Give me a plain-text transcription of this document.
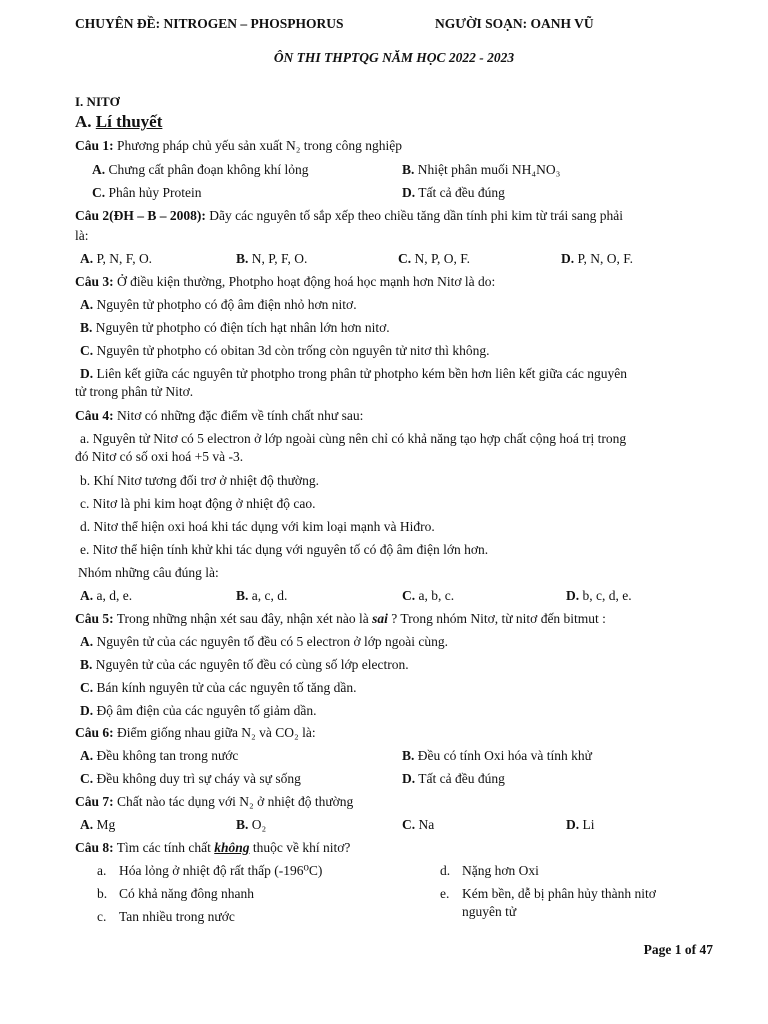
CHUYÊN ĐỀ: NITROGEN – PHOSPHORUS	NGƯỜI SOẠN: OANH VŨ
ÔN THI THPTQG NĂM HỌC 2022 - 2023
I. NITƠ
A. Lí thuyết
Câu 1: Phương pháp chủ yếu sản xuất N₂ trong công nghiệp
A. Chưng cất phân đoạn không khí lỏng	B. Nhiệt phân muối NH₄NO₃
C. Phân hủy Protein	D. Tất cả đều đúng
Câu 2(ĐH – B – 2008): Dãy các nguyên tố sắp xếp theo chiều tăng dần tính phi kim từ trái sang phải
là:
A. P, N, F, O.	B. N, P, F, O.	C. N, P, O, F.	D. P, N, O, F.
Câu 3: Ở điều kiện thường, Photpho hoạt động hoá học mạnh hơn Nitơ là do:
A. Nguyên tử photpho có độ âm điện nhỏ hơn nitơ.
B. Nguyên tử photpho có điện tích hạt nhân lớn hơn nitơ.
C. Nguyên tử photpho có obitan 3d còn trống còn nguyên tử nitơ thì không.
D. Liên kết giữa các nguyên tử photpho trong phân tử photpho kém bền hơn liên kết giữa các nguyên
tử trong phân tử Nitơ.
Câu 4: Nitơ có những đặc điểm về tính chất như sau:
a. Nguyên tử Nitơ có 5 electron ở lớp ngoài cùng nên chỉ có khả năng tạo hợp chất cộng hoá trị trong
đó Nitơ có số oxi hoá +5 và -3.
b. Khí Nitơ tương đối trơ ở nhiệt độ thường.
c. Nitơ là phi kim hoạt động ở nhiệt độ cao.
d. Nitơ thể hiện oxi hoá khi tác dụng với kim loại mạnh và Hiđro.
e. Nitơ thể hiện tính khử khi tác dụng với nguyên tố có độ âm điện lớn hơn.
Nhóm những câu đúng là:
A. a, d, e.	B. a, c, d.	C. a, b, c.	D. b, c, d, e.
Câu 5: Trong những nhận xét sau đây, nhận xét nào là sai ? Trong nhóm Nitơ, từ nitơ đến bitmut :
A. Nguyên tử của các nguyên tố đều có 5 electron ở lớp ngoài cùng.
B. Nguyên tử của các nguyên tố đều có cùng số lớp electron.
C. Bán kính nguyên tử của các nguyên tố tăng dần.
D. Độ âm điện của các nguyên tố giảm dần.
Câu 6: Điểm giống nhau giữa N₂ và CO₂ là:
A. Đều không tan trong nước	B. Đều có tính Oxi hóa và tính khử
C. Đều không duy trì sự cháy và sự sống	D. Tất cả đều đúng
Câu 7: Chất nào tác dụng với N₂ ở nhiệt độ thường
A. Mg	B. O₂	C. Na	D. Li
Câu 8: Tìm các tính chất không thuộc về khí nitơ?
a. Hóa lỏng ở nhiệt độ rất thấp (-196⁰C)
b. Có khả năng đông nhanh
c. Tan nhiều trong nước
d. Nặng hơn Oxi
e. Kém bền, dễ bị phân hủy thành nitơ
nguyên tử
Page 1 of 47
